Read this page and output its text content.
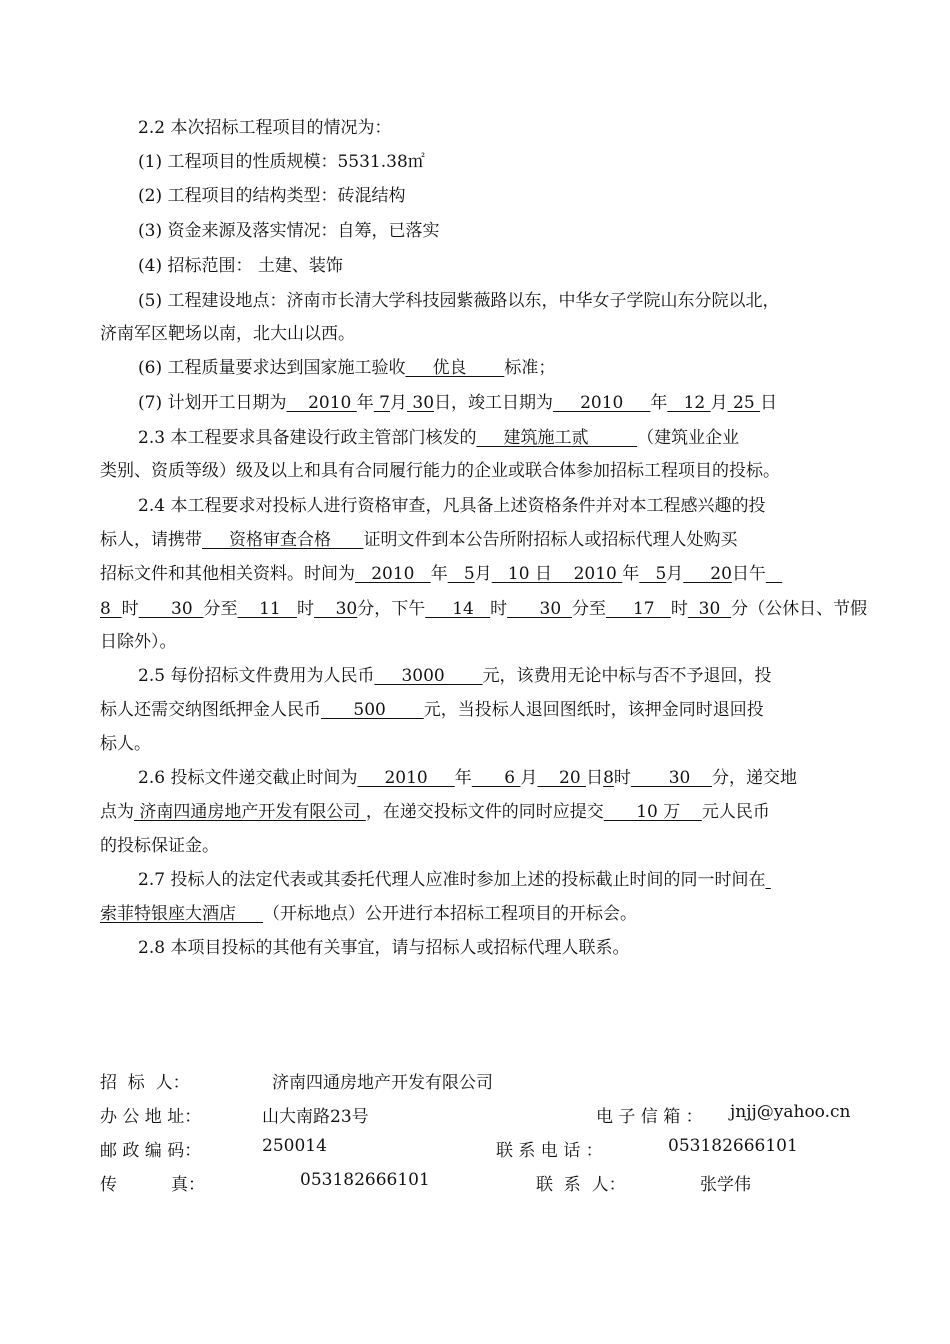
2.2 本次招标工程项目的情况为：
(1) 工程项目的性质规模：5531.38㎡
(2) 工程项目的结构类型：砖混结构
(3) 资金来源及落实情况：自筹，已落实
(4) 招标范围： 土建、装饰
(5) 工程建设地点：济南市长清大学科技园紫薇路以东，中华女子学院山东分院以北，
济南军区靶场以南，北大山以西。
(6) 工程质量要求达到国家施工验收     优良       标准；
(7) 计划开工日期为    2010 年 7月 30日，竣工日期为     2010     年   12 月 25 日
2.3 本工程要求具备建设行政主管部门核发的     建筑施工贰         （建筑业企业
类别、资质等级）级及以上和具有合同履行能力的企业或联合体参加招标工程项目的投标。
2.4 本工程要求对投标人进行资格审查，凡具备上述资格条件并对本工程感兴趣的投
标人，请携带     资格审查合格      证明文件到本公告所附招标人或招标代理人处购买
招标文件和其他相关资料。时间为   2010   年   5月   10 日    2010 年   5月     20日午
8  时      30  分至    11   时    30分，下午     14   时      30  分至     17   时  30  分（公休日、节假
日除外）。
2.5 每份招标文件费用为人民币     3000       元，该费用无论中标与否不予退回，投
标人还需交纳图纸押金人民币      500       元，当投标人退回图纸时，该押金同时退回投
标人。
2.6 投标文件递交截止时间为     2010     年      6 月    20 日8时       30    分，递交地
点为 济南四通房地产开发有限公司 ，在递交投标文件的同时应提交      10 万    元人民币
的投标保证金。
2.7 投标人的法定代表或其委托代理人应准时参加上述的投标截止时间的同一时间在
索菲特银座大酒店     （开标地点）公开进行本招标工程项目的开标会。
2.8 本项目投标的其他有关事宜，请与招标人或招标代理人联系。
招  标  人：	济南四通房地产开发有限公司
办 公 地 址：	山大南路23号	电 子 信 箱 ： jnjj@yahoo.cn
邮 政 编 码：	250014	联 系 电 话 ：	053182666101
传          真：	053182666101	联  系  人：	张学伟
